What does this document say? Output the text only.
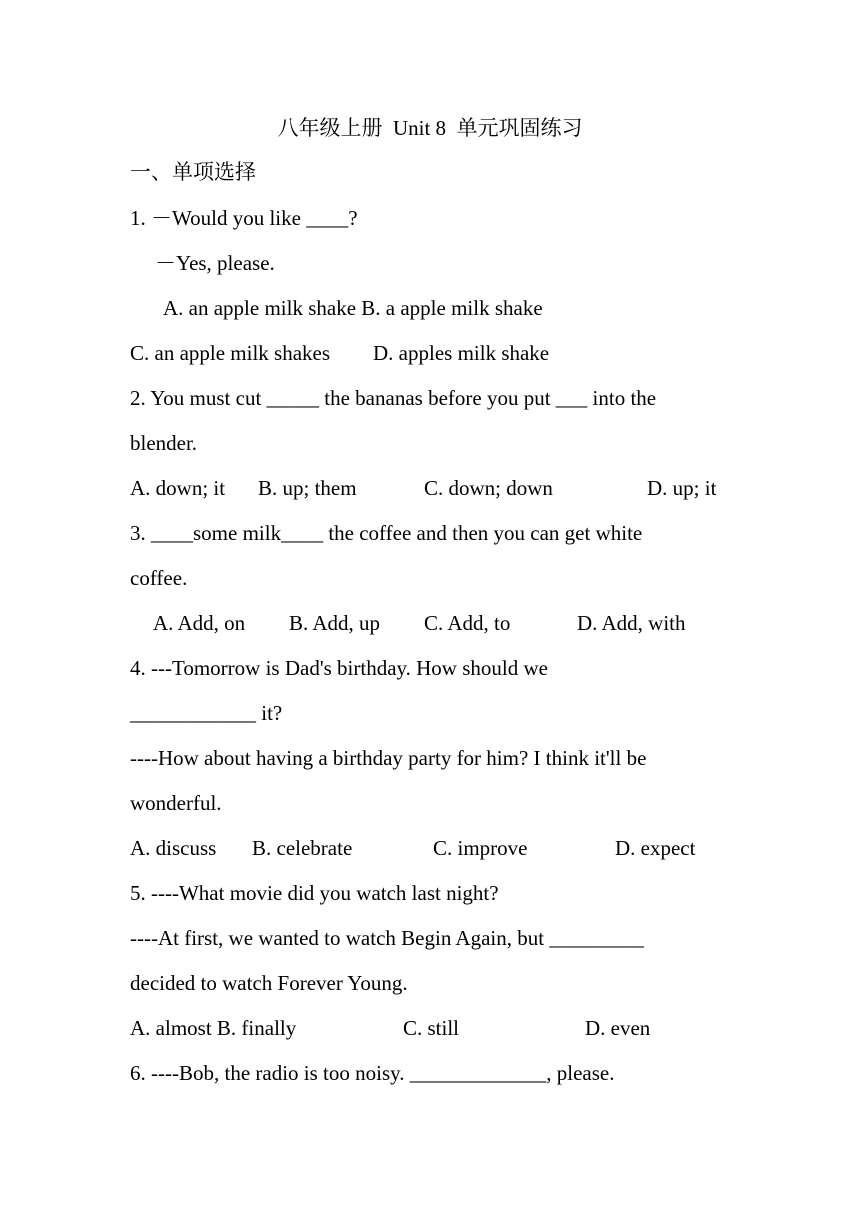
八年级上册  Unit 8  单元巩固练习
一、单项选择
1. －Would you like ____?
－Yes, please.
A. an apple milk shake B. a apple milk shake
C. an apple milk shakes D. apples milk shake
2. You must cut _____ the bananas before you put ___ into the
blender.
A. down; it B. up; them	C. down; down	D. up; it
3. ____some milk____ the coffee and then you can get white
coffee.
A. Add, on B. Add, up C. Add, to	D. Add, with
4. ---Tomorrow is Dad's birthday. How should we
____________ it?
----How about having a birthday party for him? I think it'll be
wonderful.
A. discuss B. celebrate	C. improve	D. expect
5. ----What movie did you watch last night?
----At first, we wanted to watch Begin Again, but _________
decided to watch Forever Young.
A. almost B. finally	C. still	D. even
6. ----Bob, the radio is too noisy. _____________, please.
